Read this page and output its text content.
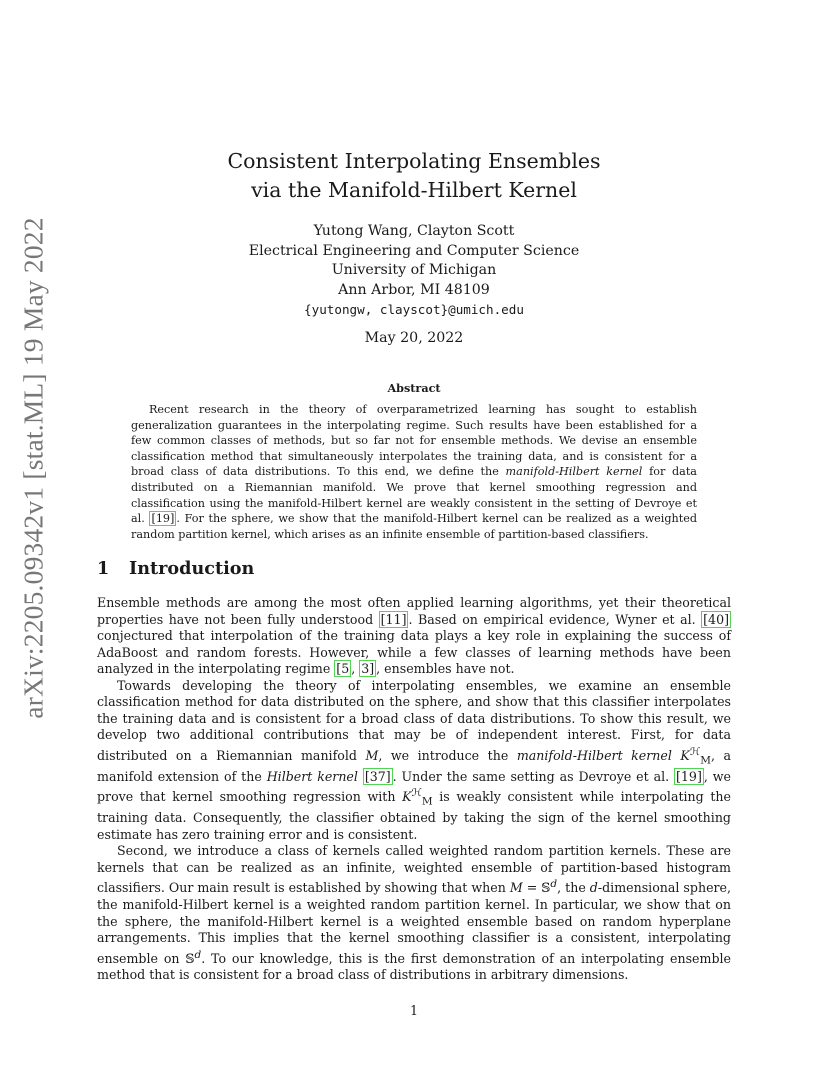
arXiv:2205.09342v1 [stat.ML] 19 May 2022
Consistent Interpolating Ensembles
via the Manifold-Hilbert Kernel
Yutong Wang, Clayton Scott
Electrical Engineering and Computer Science
University of Michigan
Ann Arbor, MI 48109
{yutongw, clayscot}@umich.edu
May 20, 2022
Abstract

Recent research in the theory of overparametrized learning has sought to establish generalization guarantees in the interpolating regime. Such results have been established for a few common classes of methods, but so far not for ensemble methods. We devise an ensemble classification method that simultaneously interpolates the training data, and is consistent for a broad class of data distributions. To this end, we define the manifold-Hilbert kernel for data distributed on a Riemannian manifold. We prove that kernel smoothing regression and classification using the manifold-Hilbert kernel are weakly consistent in the setting of Devroye et al. [19] . For the sphere, we show that the manifold-Hilbert kernel can be realized as a weighted random partition kernel, which arises as an infinite ensemble of partition-based classifiers.

1 Introduction

Ensemble methods are among the most often applied learning algorithms, yet their theoretical properties have not been fully understood [11] . Based on empirical evidence, Wyner et al. [40] conjectured that interpolation of the training data plays a key role in explaining the success of AdaBoost and random forests. However, while a few classes of learning methods have been analyzed in the interpolating regime [5 , 3] , ensembles have not.

Towards developing the theory of interpolating ensembles, we examine an ensemble classification method for data distributed on the sphere, and show that this classifier interpolates the training data and is consistent for a broad class of data distributions. To show this result, we develop two additional contributions that may be of independent interest. First, for data distributed on a Riemannian manifold M, we introduce the manifold-Hilbert kernel $K^ℋ_M$, a manifold extension of the Hilbert kernel [37] . Under the same setting as Devroye et al. [19] , we prove that kernel smoothing regression with $K^ℋ_M$ is weakly consistent while interpolating the training data. Consequently, the classifier obtained by taking the sign of the kernel smoothing estimate has zero training error and is consistent.

Second, we introduce a class of kernels called weighted random partition kernels. These are kernels that can be realized as an infinite, weighted ensemble of partition-based histogram classifiers. Our main result is established by showing that when M = 𝕊$^d$, the d-dimensional sphere, the manifold-Hilbert kernel is a weighted random partition kernel. In particular, we show that on the sphere, the manifold-Hilbert kernel is a weighted ensemble based on random hyperplane arrangements. This implies that the kernel smoothing classifier is a consistent, interpolating ensemble on 𝕊$^d$. To our knowledge, this is the first demonstration of an interpolating ensemble method that is consistent for a broad class of distributions in arbitrary dimensions.

1
